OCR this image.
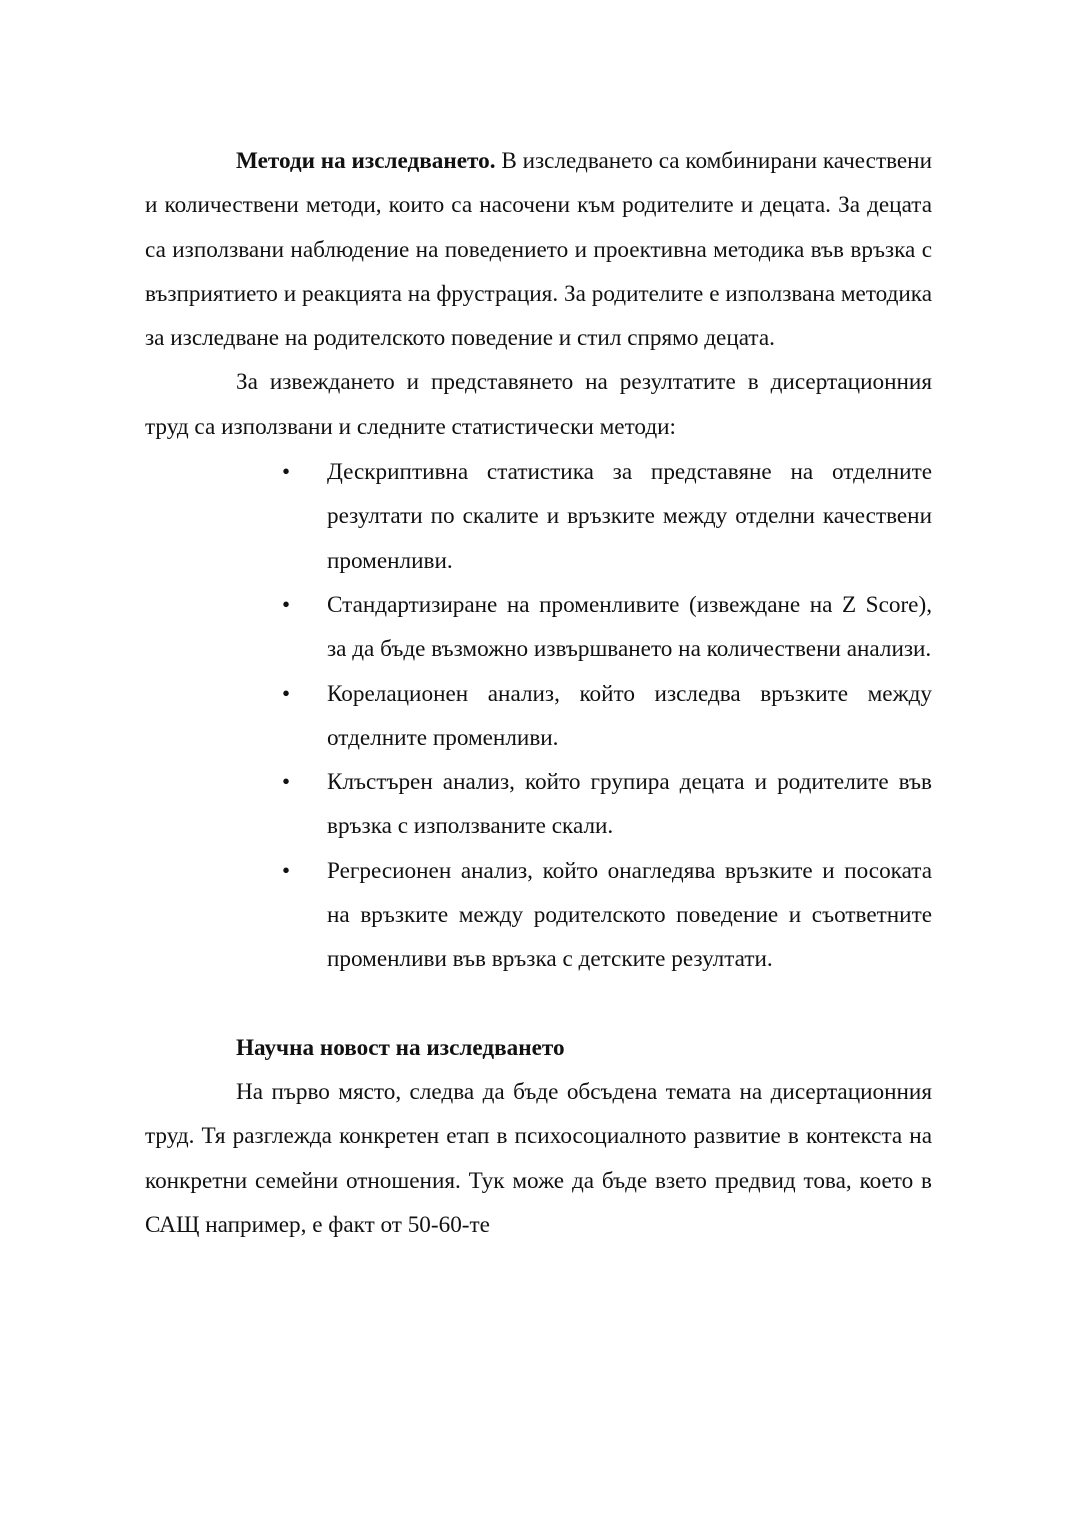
Методи на изследването. В изследването са комбинирани качествени и количествени методи, които са насочени към родителите и децата. За децата са използвани наблюдение на поведението и проективна методика във връзка с възприятието и реакцията на фрустрация. За родителите е използвана методика за изследване на родителското поведение и стил спрямо децата.

За извеждането и представянето на резултатите в дисертационния труд са използвани и следните статистически методи:

• Дескриптивна статистика за представяне на отделните резултати по скалите и връзките между отделни качествени променливи.
• Стандартизиране на променливите (извеждане на Z Score), за да бъде възможно извършването на количествени анализи.
• Корелационен анализ, който изследва връзките между отделните променливи.
• Клъстърен анализ, който групира децата и родителите във връзка с използваните скали.
• Регресионен анализ, който онагледява връзките и посоката на връзките между родителското поведение и съответните променливи във връзка с детските резултати.
Научна новост на изследването

На първо място, следва да бъде обсъдена темата на дисертационния труд. Тя разглежда конкретен етап в психосоциалното развитие в контекста на конкретни семейни отношения. Тук може да бъде взето предвид това, което в САЩ например, е факт от 50-60-те
